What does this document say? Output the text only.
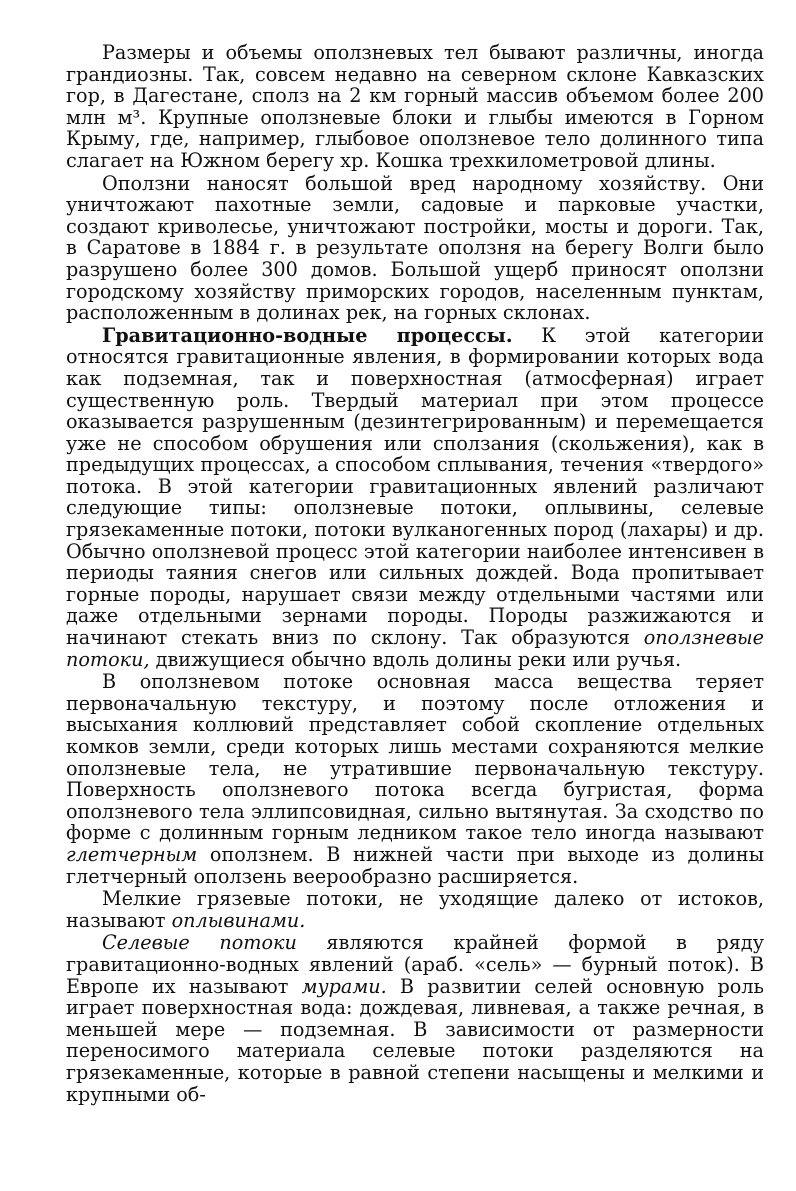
Размеры и объемы оползневых тел бывают различны, иногда грандиозны. Так, совсем недавно на северном склоне Кавказских гор, в Дагестане, сполз на 2 км горный массив объемом более 200 млн м³. Крупные оползневые блоки и глыбы имеются в Горном Крыму, где, например, глыбовое оползневое тело долинного типа слагает на Южном берегу хр. Кошка трехкилометровой длины.

Оползни наносят большой вред народному хозяйству. Они уничтожают пахотные земли, садовые и парковые участки, создают криволесье, уничтожают постройки, мосты и дороги. Так, в Саратове в 1884 г. в результате оползня на берегу Волги было разрушено более 300 домов. Большой ущерб приносят оползни городскому хозяйству приморских городов, населенным пунктам, расположенным в долинах рек, на горных склонах.

Гравитационно-водные процессы. К этой категории относятся гравитационные явления, в формировании которых вода как подземная, так и поверхностная (атмосферная) играет существенную роль. Твердый материал при этом процессе оказывается разрушенным (дезинтегрированным) и перемещается уже не способом обрушения или сползания (скольжения), как в предыдущих процессах, а способом сплывания, течения «твердого» потока. В этой категории гравитационных явлений различают следующие типы: оползневые потоки, оплывины, селевые грязекаменные потоки, потоки вулканогенных пород (лахары) и др. Обычно оползневой процесс этой категории наиболее интенсивен в периоды таяния снегов или сильных дождей. Вода пропитывает горные породы, нарушает связи между отдельными частями или даже отдельными зернами породы. Породы разжижаются и начинают стекать вниз по склону. Так образуются оползневые потоки, движущиеся обычно вдоль долины реки или ручья.

В оползневом потоке основная масса вещества теряет первоначальную текстуру, и поэтому после отложения и высыхания коллювий представляет собой скопление отдельных комков земли, среди которых лишь местами сохраняются мелкие оползневые тела, не утратившие первоначальную текстуру. Поверхность оползневого потока всегда бугристая, форма оползневого тела эллипсовидная, сильно вытянутая. За сходство по форме с долинным горным ледником такое тело иногда называют глетчерным оползнем. В нижней части при выходе из долины глетчерный оползень веерообразно расширяется.

Мелкие грязевые потоки, не уходящие далеко от истоков, называют оплывинами.

Селевые потоки являются крайней формой в ряду гравитационно-водных явлений (араб. «сель» — бурный поток). В Европе их называют мурами. В развитии селей основную роль играет поверхностная вода: дождевая, ливневая, а также речная, в меньшей мере — подземная. В зависимости от размерности переносимого материала селевые потоки разделяются на грязекаменные, которые в равной степени насыщены и мелкими и крупными об-
